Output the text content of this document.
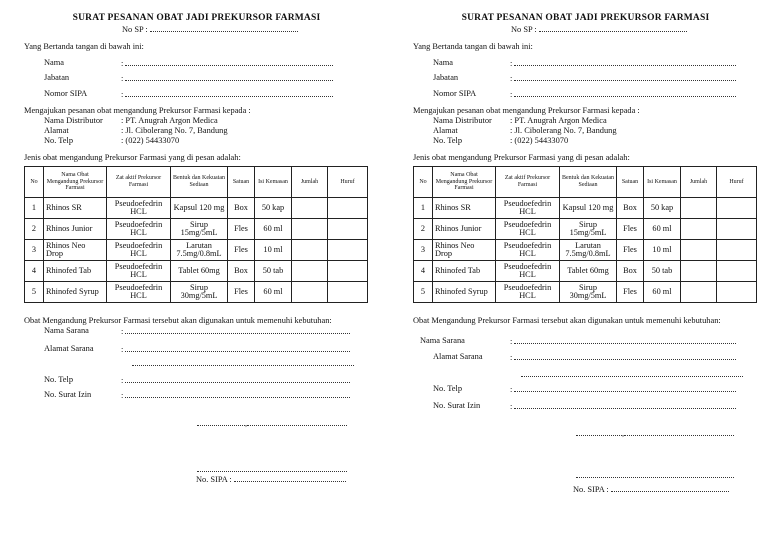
SURAT PESANAN OBAT JADI PREKURSOR FARMASI
No SP :
Yang Bertanda tangan di bawah ini:
Nama	:
Jabatan	:
Nomor SIPA	:
Mengajukan pesanan obat mengandung Prekursor Farmasi kepada :
Nama Distributor : PT. Anugrah Argon Medica
Alamat	: Jl. Cibolerang No. 7, Bandung
No. Telp	: (022) 54433070
Jenis obat mengandung Prekursor Farmasi yang di pesan adalah:
No	Nama Obat Mengandung Prekursor Farmasi	Zat aktif Prekursor Farmasi	Bentuk dan Kekuatan Sediaan	Satuan	Isi Kemasan	Jumlah	Huruf
1	Rhinos SR	Pseudoefedrin HCL	Kapsul 120 mg	Box	50 kap		
2	Rhinos Junior	Pseudoefedrin HCL	Sirup 15mg/5mL	Fles	60 ml		
3	Rhinos Neo Drop	Pseudoefedrin HCL	Larutan 7.5mg/0.8mL	Fles	10 ml		
4	Rhinofed Tab	Pseudoefedrin HCL	Tablet 60mg	Box	50 tab		
5	Rhinofed Syrup	Pseudoefedrin HCL	Sirup 30mg/5mL	Fles	60 ml		
Obat Mengandung Prekursor Farmasi tersebut akan digunakan untuk memenuhi kebutuhan:
Nama Sarana	:
Alamat Sarana	:
No. Telp	:
No. Surat Izin	:
,
No. SIPA :
SURAT PESANAN OBAT JADI PREKURSOR FARMASI
No SP :
Yang Bertanda tangan di bawah ini:
Nama	:
Jabatan	:
Nomor SIPA	:
Mengajukan pesanan obat mengandung Prekursor Farmasi kepada :
Nama Distributor : PT. Anugrah Argon Medica
Alamat	: Jl. Cibolerang No. 7, Bandung
No. Telp	: (022) 54433070
Jenis obat mengandung Prekursor Farmasi yang di pesan adalah:
No	Nama Obat Mengandung Prekursor Farmasi	Zat aktif Prekursor Farmasi	Bentuk dan Kekuatan Sediaan	Satuan	Isi Kemasan	Jumlah	Huruf
1	Rhinos SR	Pseudoefedrin HCL	Kapsul 120 mg	Box	50 kap		
2	Rhinos Junior	Pseudoefedrin HCL	Sirup 15mg/5mL	Fles	60 ml		
3	Rhinos Neo Drop	Pseudoefedrin HCL	Larutan 7.5mg/0.8mL	Fles	10 ml		
4	Rhinofed Tab	Pseudoefedrin HCL	Tablet 60mg	Box	50 tab		
5	Rhinofed Syrup	Pseudoefedrin HCL	Sirup 30mg/5mL	Fles	60 ml		
Obat Mengandung Prekursor Farmasi tersebut akan digunakan untuk memenuhi kebutuhan:
Nama Sarana	:
Alamat Sarana	:
No. Telp	:
No. Surat Izin	:
,
No. SIPA :
